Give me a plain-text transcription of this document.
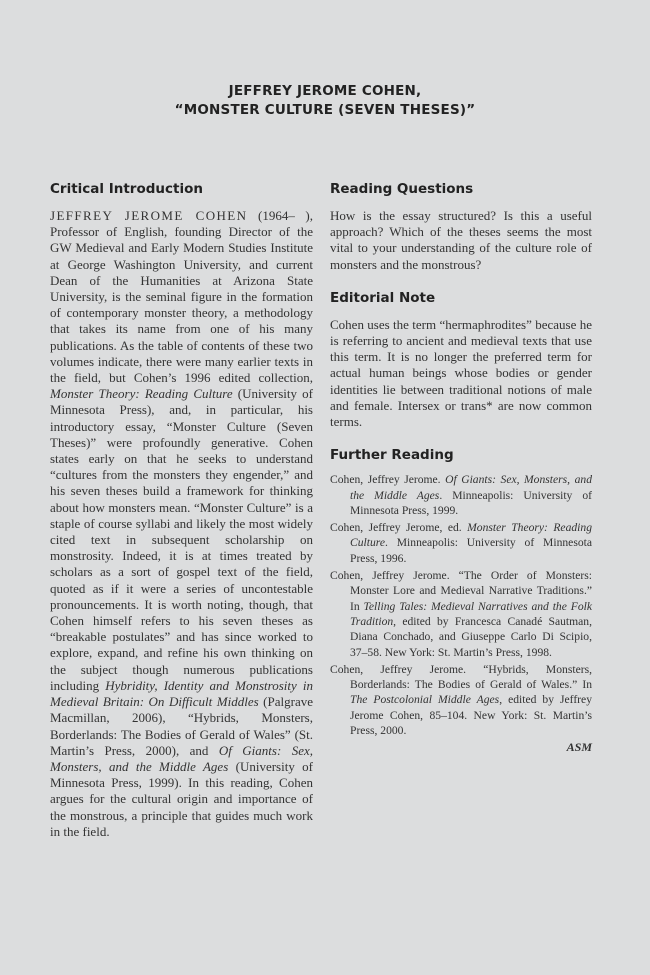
JEFFREY JEROME COHEN,
“MONSTER CULTURE (SEVEN THESES)”
Critical Introduction

JEFFREY JEROME COHEN (1964– ), Professor of English, founding Director of the GW Medieval and Early Modern Studies Institute at George Washington University, and current Dean of the Humanities at Arizona State University, is the seminal figure in the formation of contemporary monster theory, a methodology that takes its name from one of his many publications. As the table of contents of these two volumes indicate, there were many earlier texts in the field, but Cohen’s 1996 edited collection, Monster Theory: Reading Culture (University of Minnesota Press), and, in particular, his introductory essay, “Monster Culture (Seven Theses)” were profoundly generative. Cohen states early on that he seeks to understand “cultures from the monsters they engender,” and his seven theses build a framework for thinking about how monsters mean. “Monster Culture” is a staple of course syllabi and likely the most widely cited text in subsequent scholarship on monstrosity. Indeed, it is at times treated by scholars as a sort of gospel text of the field, quoted as if it were a series of uncontestable pronouncements. It is worth noting, though, that Cohen himself refers to his seven theses as “breakable postulates” and has since worked to explore, expand, and refine his own thinking on the subject though numerous publications including Hybridity, Identity and Monstrosity in Medieval Britain: On Difficult Middles (Palgrave Macmillan, 2006), “Hybrids, Monsters, Borderlands: The Bodies of Gerald of Wales” (St. Martin’s Press, 2000), and Of Giants: Sex, Monsters, and the Middle Ages (University of Minnesota Press, 1999). In this reading, Cohen argues for the cultural origin and importance of the monstrous, a principle that guides much work in the field.

Reading Questions

How is the essay structured? Is this a useful approach? Which of the theses seems the most vital to your understanding of the culture role of monsters and the monstrous?

Editorial Note

Cohen uses the term “hermaphrodites” because he is referring to ancient and medieval texts that use this term. It is no longer the preferred term for actual human beings whose bodies or gender identities lie between traditional notions of male and female. Intersex or trans* are now common terms.

Further Reading

Cohen, Jeffrey Jerome. Of Giants: Sex, Monsters, and the Middle Ages. Minneapolis: University of Minnesota Press, 1999.

Cohen, Jeffrey Jerome, ed. Monster Theory: Reading Culture. Minneapolis: University of Minnesota Press, 1996.

Cohen, Jeffrey Jerome. “The Order of Monsters: Monster Lore and Medieval Narrative Traditions.” In Telling Tales: Medieval Narratives and the Folk Tradition, edited by Francesca Canadé Sautman, Diana Conchado, and Giuseppe Carlo Di Scipio, 37–58. New York: St. Martin’s Press, 1998.

Cohen, Jeffrey Jerome. “Hybrids, Monsters, Borderlands: The Bodies of Gerald of Wales.” In The Postcolonial Middle Ages, edited by Jeffrey Jerome Cohen, 85–104. New York: St. Martin’s Press, 2000.

ASM
